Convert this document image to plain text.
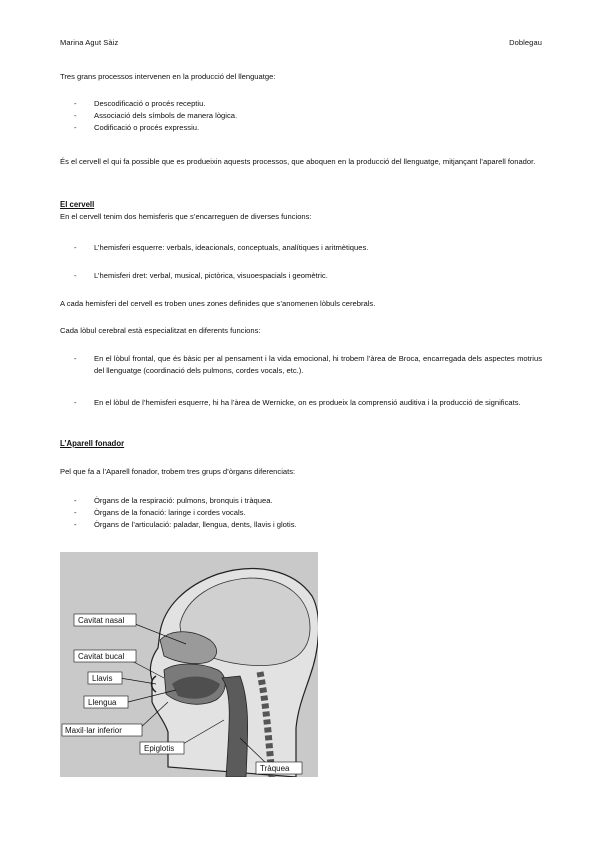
Marina Agut Sàiz	Doblegau

Tres grans processos intervenen en la producció del llenguatge:

- Descodificació o procés receptiu.
- Associació dels símbols de manera lògica.
- Codificació o procés expressiu.

És el cervell el qui fa possible que es produeixin aquests processos, que aboquen en la producció del llenguatge, mitjançant l’aparell fonador.

El cervell

En el cervell tenim dos hemisferis que s’encarreguen de diverses funcions:

- L’hemisferi esquerre: verbals, ideacionals, conceptuals, analítiques i aritmètiques.
- L’hemisferi dret: verbal, musical, pictòrica, visuoespacials i geomètric.

A cada hemisferi del cervell es troben unes zones definides que s’anomenen lòbuls cerebrals.

Cada lòbul cerebral està especialitzat en diferents funcions:

- En el lòbul frontal, que és bàsic per al pensament i la vida emocional, hi trobem l’àrea de Broca, encarregada dels aspectes motrius del llenguatge (coordinació dels pulmons, cordes vocals, etc.).
- En el lòbul de l’hemisferi esquerre, hi ha l’àrea de Wernicke, on es produeix la comprensió auditiva i la producció de significats.
L’Aparell fonador

Pel que fa a l’Aparell fonador, trobem tres grups d’òrgans diferenciats:

- Òrgans de la respiració: pulmons, bronquis i tràquea.
- Òrgans de la fonació: laringe i cordes vocals.
- Òrgans de l’articulació: paladar, llengua, dents, llavis i glotis.
Cavitat nasal
Cavitat bucal
Llavis
Llengua
Maxil·lar inferior
Epiglotis
Tràquea
